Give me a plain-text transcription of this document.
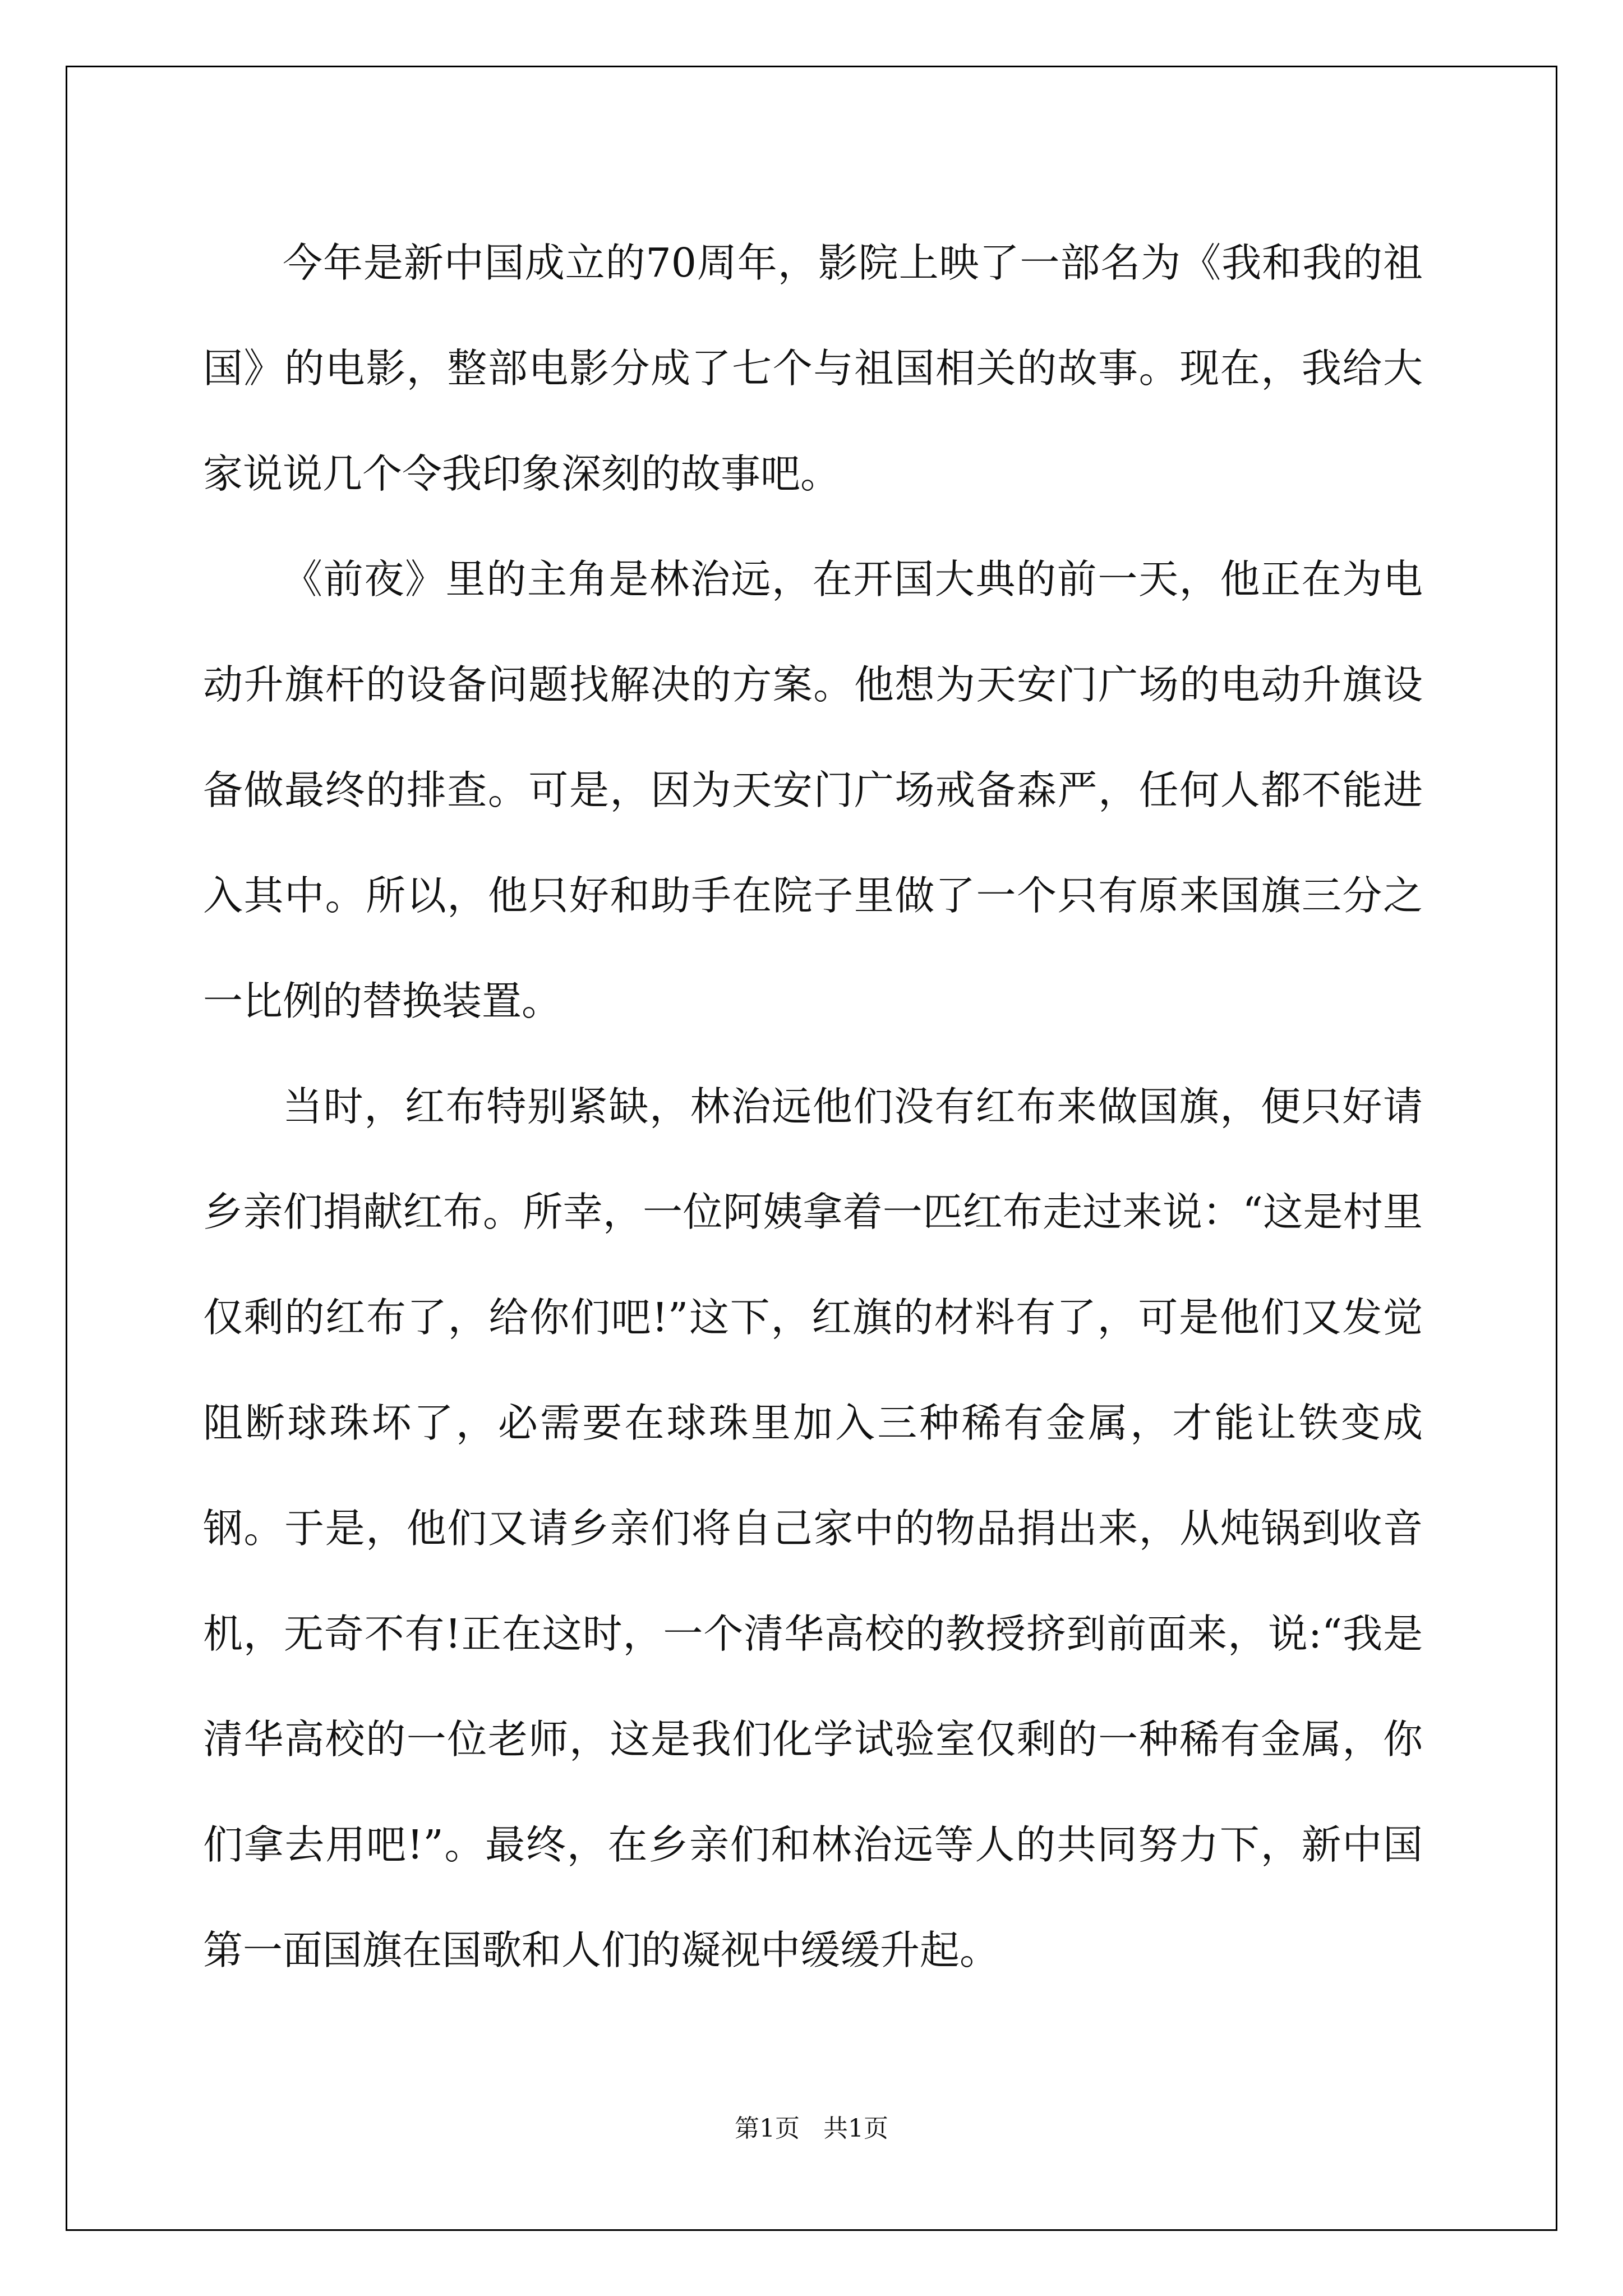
今年是新中国成立的70周年，影院上映了一部名为《我和我的祖国》的电影，整部电影分成了七个与祖国相关的故事。现在，我给大家说说几个令我印象深刻的故事吧。

《前夜》里的主角是林治远，在开国大典的前一天，他正在为电动升旗杆的设备问题找解决的方案。他想为天安门广场的电动升旗设备做最终的排查。可是，因为天安门广场戒备森严，任何人都不能进入其中。所以，他只好和助手在院子里做了一个只有原来国旗三分之一比例的替换装置。

当时，红布特别紧缺，林治远他们没有红布来做国旗，便只好请乡亲们捐献红布。所幸，一位阿姨拿着一匹红布走过来说：“这是村里仅剩的红布了，给你们吧!”这下，红旗的材料有了，可是他们又发觉阻断球珠坏了，必需要在球珠里加入三种稀有金属，才能让铁变成钢。于是，他们又请乡亲们将自己家中的物品捐出来，从炖锅到收音机，无奇不有!正在这时，一个清华高校的教授挤到前面来，说:“我是清华高校的一位老师，这是我们化学试验室仅剩的一种稀有金属，你们拿去用吧!”。最终，在乡亲们和林治远等人的共同努力下，新中国第一面国旗在国歌和人们的凝视中缓缓升起。

第1页   共1页
